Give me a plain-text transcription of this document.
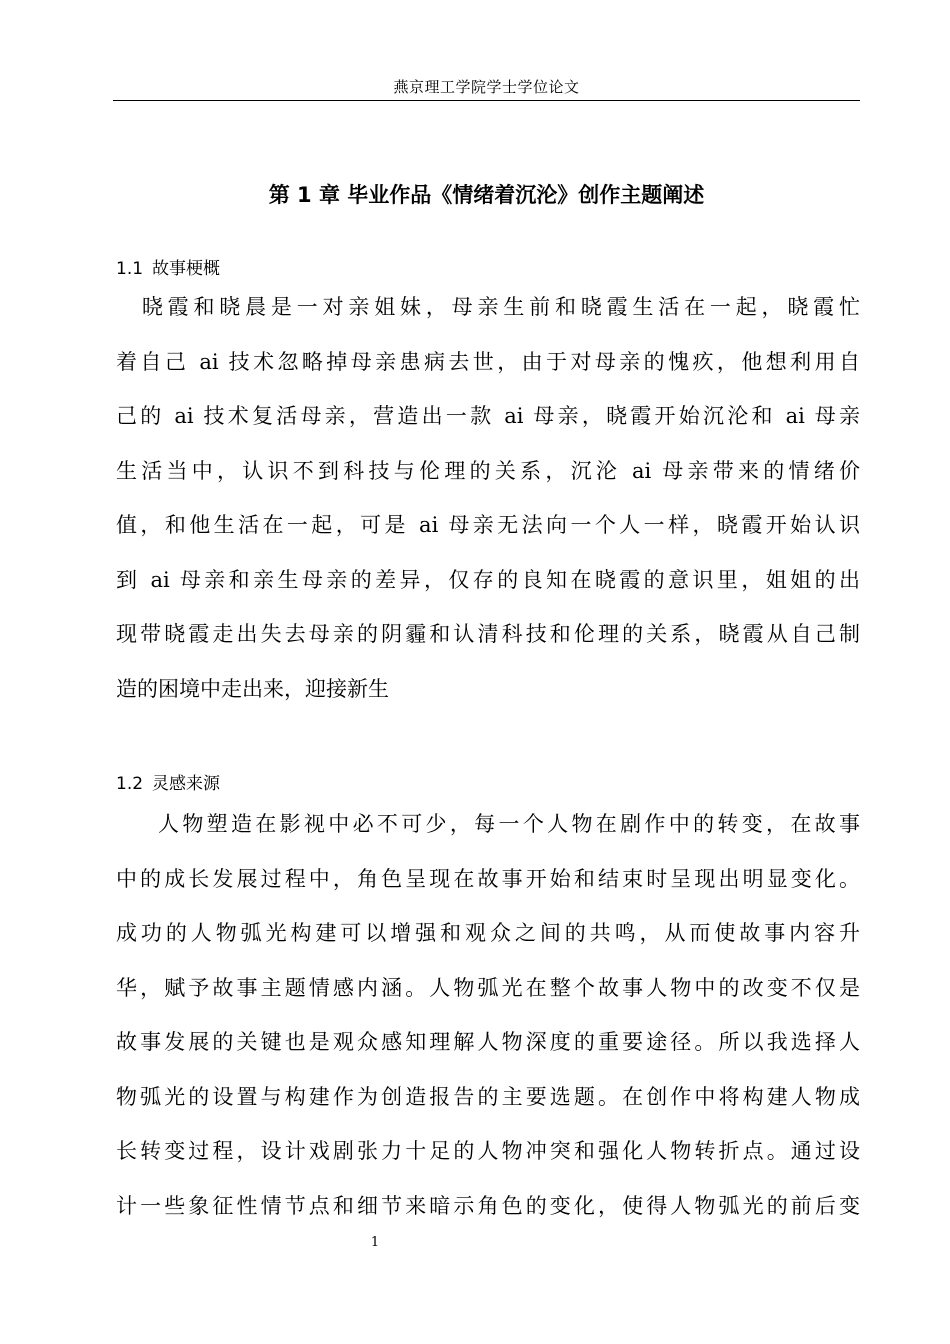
燕京理工学院学士学位论文
第 1 章 毕业作品《情绪着沉沦》创作主题阐述
1.1 故事梗概
　晓霞和晓晨是一对亲姐妹，母亲生前和晓霞生活在一起，晓霞忙
着自己 ai 技术忽略掉母亲患病去世，由于对母亲的愧疚，他想利用自
己的 ai 技术复活母亲，营造出一款 ai 母亲，晓霞开始沉沦和 ai 母亲
生活当中，认识不到科技与伦理的关系，沉沦 ai 母亲带来的情绪价
值，和他生活在一起，可是 ai 母亲无法向一个人一样，晓霞开始认识
到 ai 母亲和亲生母亲的差异，仅存的良知在晓霞的意识里，姐姐的出
现带晓霞走出失去母亲的阴霾和认清科技和伦理的关系，晓霞从自己制
造的困境中走出来，迎接新生
1.2 灵感来源
人物塑造在影视中必不可少，每一个人物在剧作中的转变，在故事
中的成长发展过程中，角色呈现在故事开始和结束时呈现出明显变化。
成功的人物弧光构建可以增强和观众之间的共鸣，从而使故事内容升
华，赋予故事主题情感内涵。人物弧光在整个故事人物中的改变不仅是
故事发展的关键也是观众感知理解人物深度的重要途径。所以我选择人
物弧光的设置与构建作为创造报告的主要选题。在创作中将构建人物成
长转变过程，设计戏剧张力十足的人物冲突和强化人物转折点。通过设
计一些象征性情节点和细节来暗示角色的变化，使得人物弧光的前后变
1
